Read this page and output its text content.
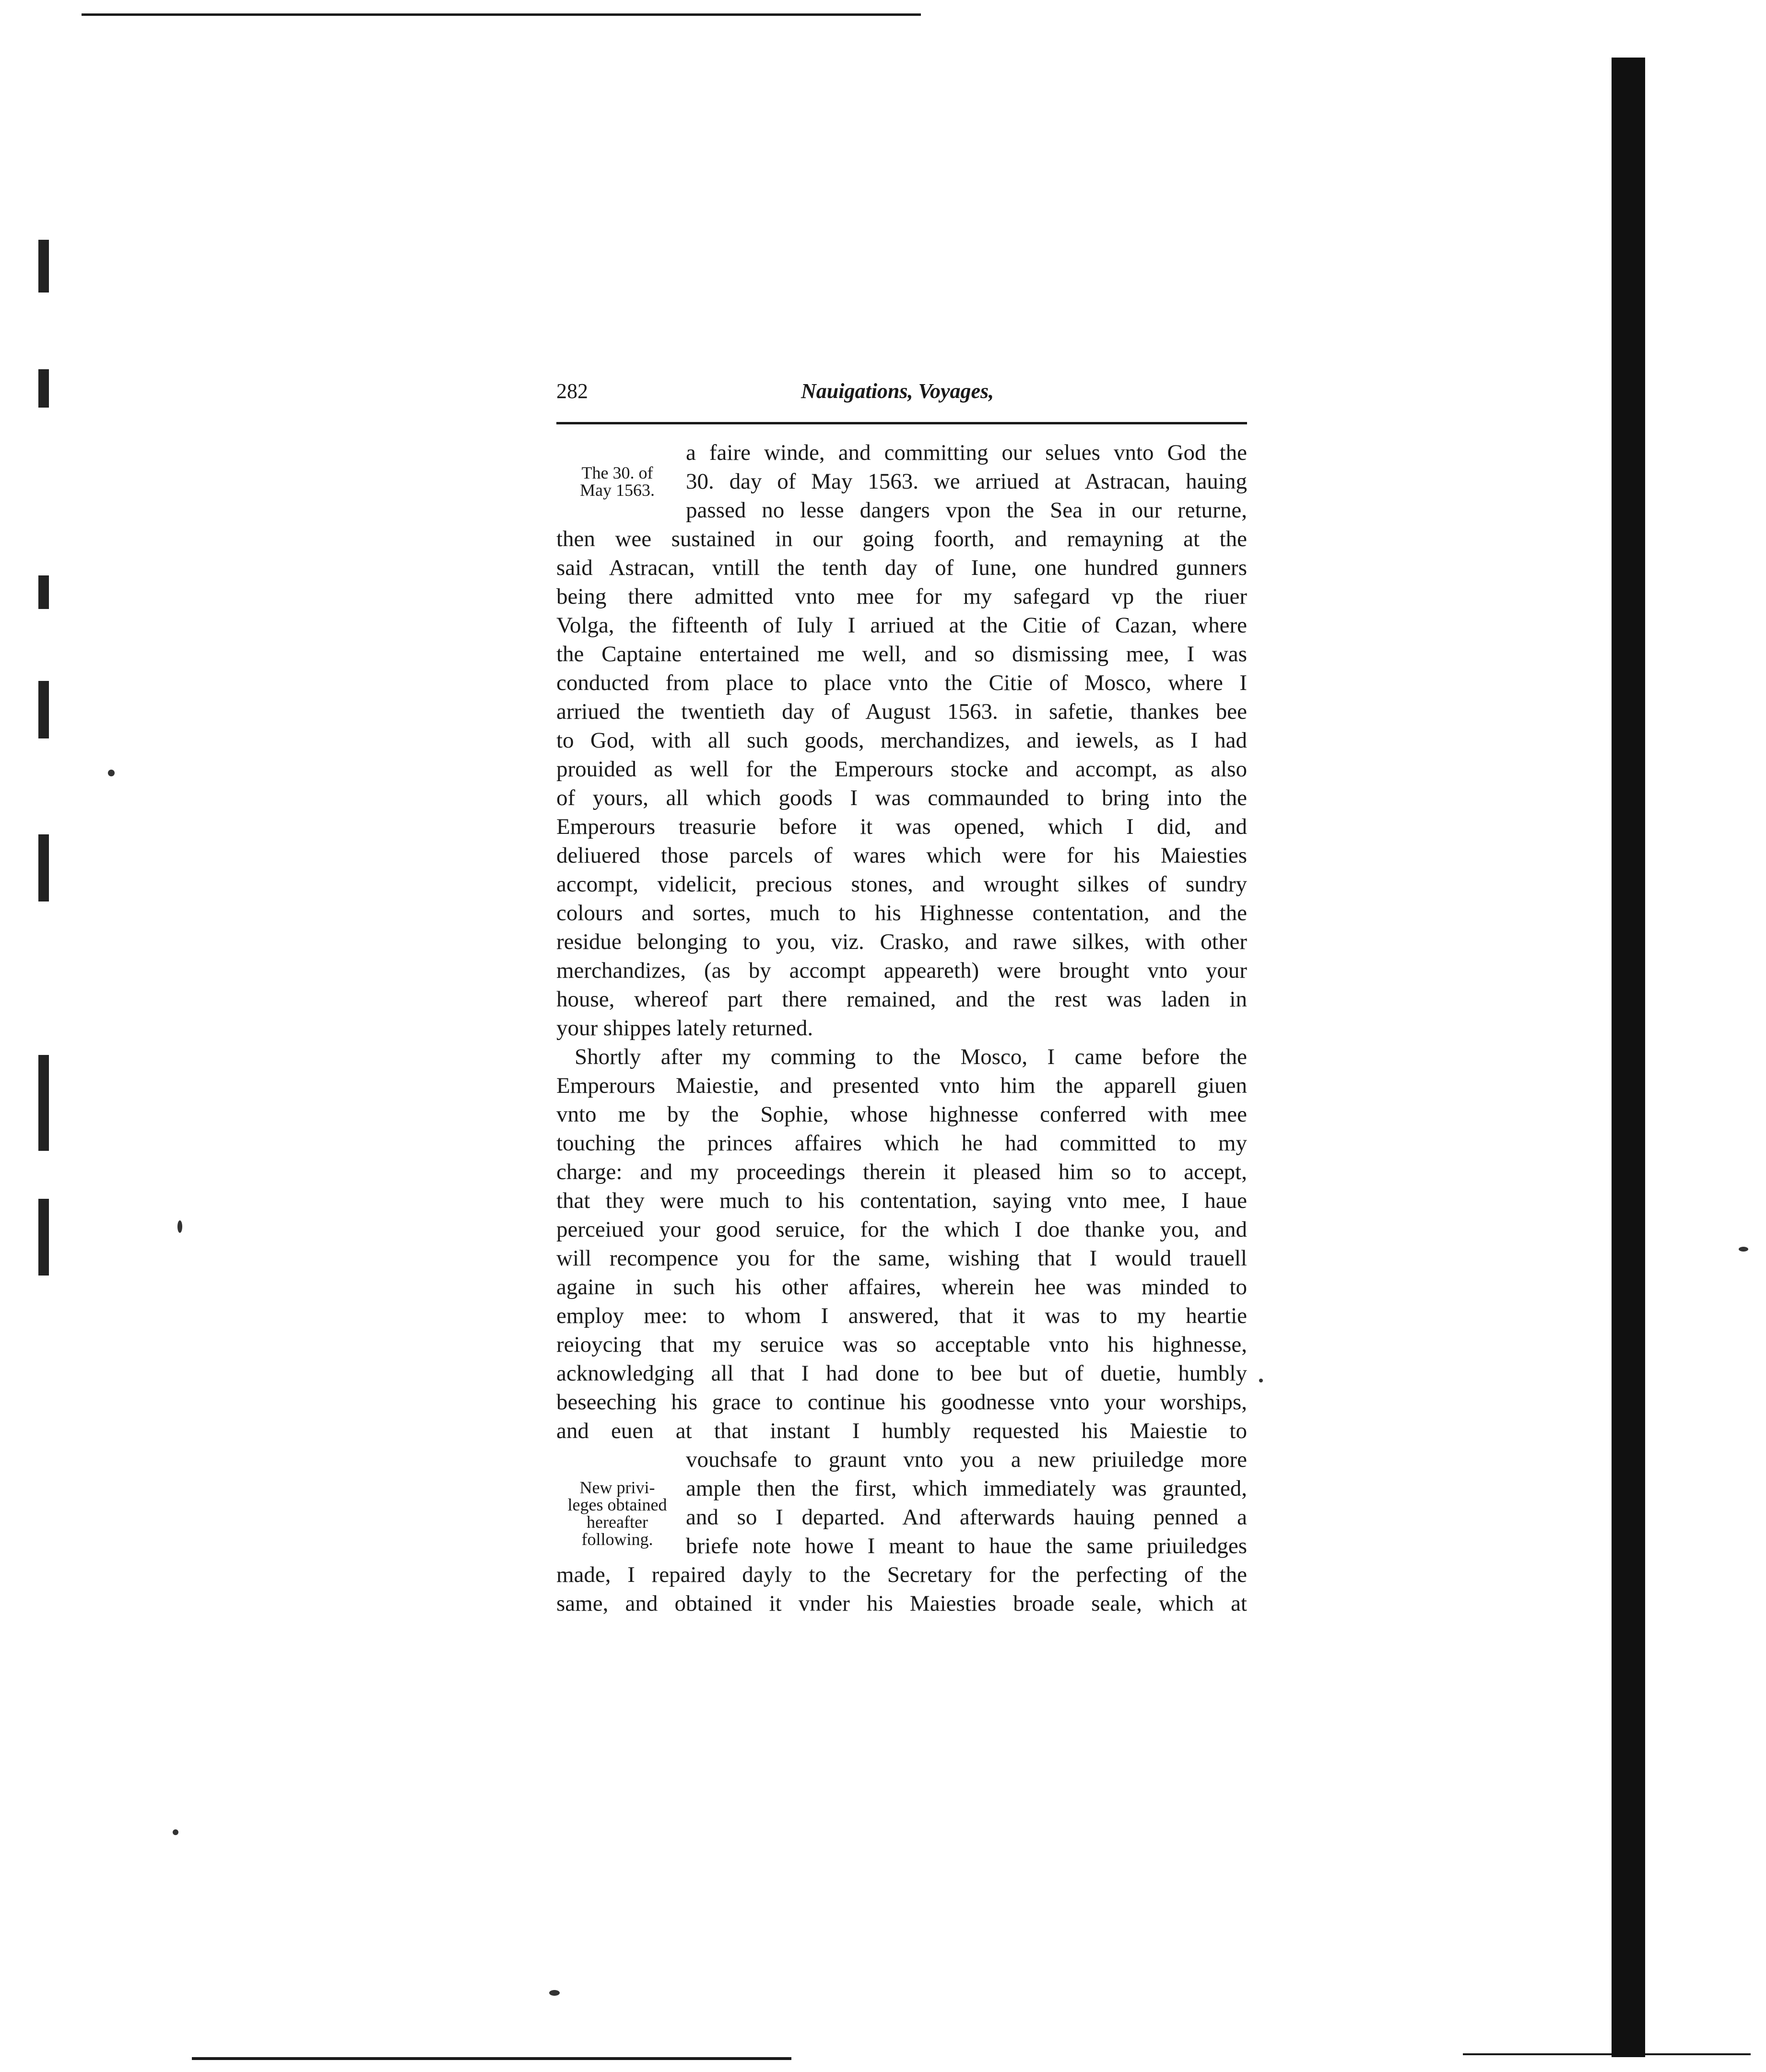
282	Nauigations, Voyages,
The 30. of
May 1563.
New privi-
leges obtained
hereafter
following.
a faire winde, and committing our selues vnto God the
30. day of May 1563. we arriued at Astracan, hauing
passed no lesse dangers vpon the Sea in our returne,
then wee sustained in our going foorth, and remayning at the
said Astracan, vntill the tenth day of Iune, one hundred gunners
being there admitted vnto mee for my safegard vp the riuer
Volga, the fifteenth of Iuly I arriued at the Citie of Cazan, where
the Captaine entertained me well, and so dismissing mee, I was
conducted from place to place vnto the Citie of Mosco, where I
arriued the twentieth day of August 1563. in safetie, thankes bee
to God, with all such goods, merchandizes, and iewels, as I had
prouided as well for the Emperours stocke and accompt, as also
of yours, all which goods I was commaunded to bring into the
Emperours treasurie before it was opened, which I did, and
deliuered those parcels of wares which were for his Maiesties
accompt, videlicit, precious stones, and wrought silkes of sundry
colours and sortes, much to his Highnesse contentation, and the
residue belonging to you, viz. Crasko, and rawe silkes, with other
merchandizes, (as by accompt appeareth) were brought vnto your
house, whereof part there remained, and the rest was laden in
your shippes lately returned.
Shortly after my comming to the Mosco, I came before the
Emperours Maiestie, and presented vnto him the apparell giuen
vnto me by the Sophie, whose highnesse conferred with mee
touching the princes affaires which he had committed to my
charge: and my proceedings therein it pleased him so to accept,
that they were much to his contentation, saying vnto mee, I haue
perceiued your good seruice, for the which I doe thanke you, and
will recompence you for the same, wishing that I would trauell
againe in such his other affaires, wherein hee was minded to
employ mee: to whom I answered, that it was to my heartie
reioycing that my seruice was so acceptable vnto his highnesse,
acknowledging all that I had done to bee but of duetie, humbly
beseeching his grace to continue his goodnesse vnto your worships,
and euen at that instant I humbly requested his Maiestie to
vouchsafe to graunt vnto you a new priuiledge more
ample then the first, which immediately was graunted,
and so I departed. And afterwards hauing penned a
briefe note howe I meant to haue the same priuiledges
made, I repaired dayly to the Secretary for the perfecting of the
same, and obtained it vnder his Maiesties broade seale, which at
